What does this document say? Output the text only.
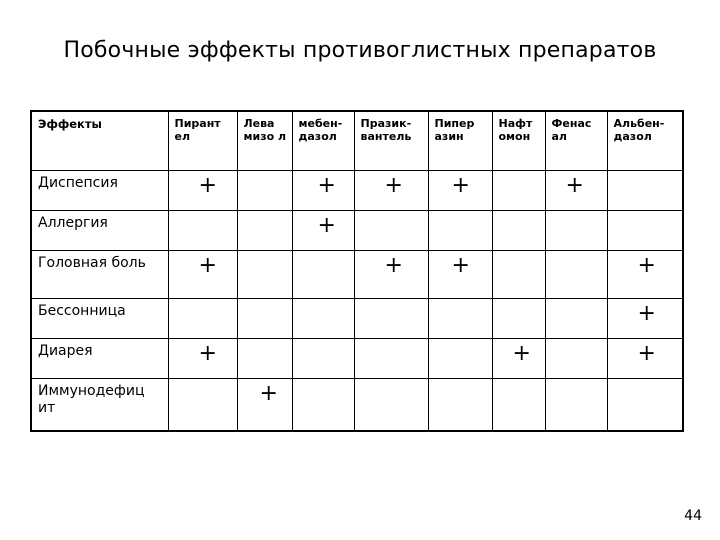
Побочные эффекты противоглистных препаратов
Эффекты	Пирант ел	Лева мизо л	мебен- дазол	Празик- вантель	Пипер азин	Нафт омон	Фенас ал	Альбен- дазол

Диспепсия	+		+	+	+		+	

Аллергия			+					

Головная боль	+			+	+			+

Бессонница								+

Диарея	+					+		+

Иммунодефиц ит		+						

44
